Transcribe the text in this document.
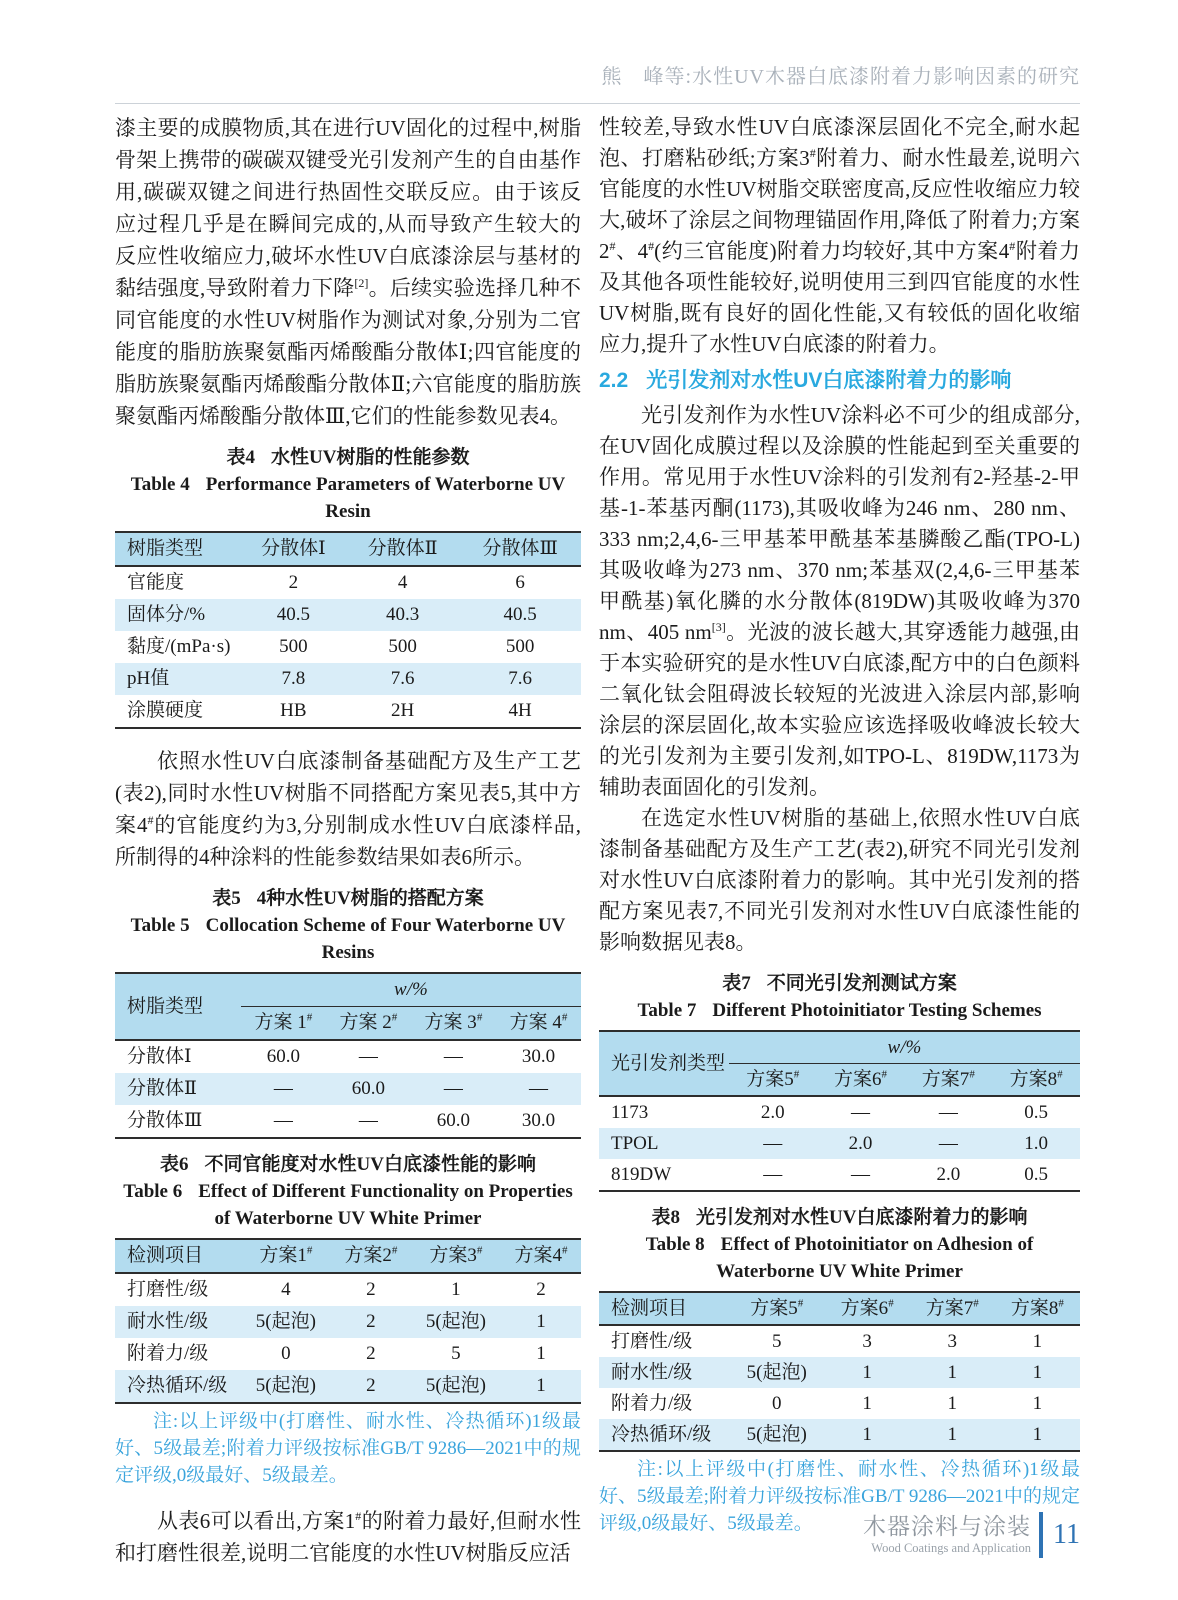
熊　峰等:水性UV木器白底漆附着力影响因素的研究

漆主要的成膜物质,其在进行UV固化的过程中,树脂骨架上携带的碳碳双键受光引发剂产生的自由基作用,碳碳双键之间进行热固性交联反应。由于该反应过程几乎是在瞬间完成的,从而导致产生较大的反应性收缩应力,破坏水性UV白底漆涂层与基材的黏结强度,导致附着力下降[2]。后续实验选择几种不同官能度的水性UV树脂作为测试对象,分别为二官能度的脂肪族聚氨酯丙烯酸酯分散体Ⅰ;四官能度的脂肪族聚氨酯丙烯酸酯分散体Ⅱ;六官能度的脂肪族聚氨酯丙烯酸酯分散体Ⅲ,它们的性能参数见表4。

表4 水性UV树脂的性能参数
Table 4 Performance Parameters of Waterborne UV Resin
树脂类型	分散体Ⅰ	分散体Ⅱ	分散体Ⅲ
官能度	2	4	6
固体分/%	40.5	40.3	40.5
黏度/(mPa·s)	500	500	500
pH值	7.8	7.6	7.6
涂膜硬度	HB	2H	4H

依照水性UV白底漆制备基础配方及生产工艺(表2),同时水性UV树脂不同搭配方案见表5,其中方案4#的官能度约为3,分别制成水性UV白底漆样品,所制得的4种涂料的性能参数结果如表6所示。

表5 4种水性UV树脂的搭配方案
Table 5 Collocation Scheme of Four Waterborne UV Resins
树脂类型	w/%			
	方案 1#	方案 2#	方案 3#	方案 4#
分散体Ⅰ	60.0	—	—	30.0
分散体Ⅱ	—	60.0	—	—
分散体Ⅲ	—	—	60.0	30.0
表6 不同官能度对水性UV白底漆性能的影响
Table 6 Effect of Different Functionality on Properties of Waterborne UV White Primer
检测项目	方案1#	方案2#	方案3#	方案4#
打磨性/级	4	2	1	2
耐水性/级	5(起泡)	2	5(起泡)	1
附着力/级	0	2	5	1
冷热循环/级	5(起泡)	2	5(起泡)	1

注:以上评级中(打磨性、耐水性、冷热循环)1级最好、5级最差;附着力评级按标准GB/T 9286—2021中的规定评级,0级最好、5级最差。

从表6可以看出,方案1#的附着力最好,但耐水性和打磨性很差,说明二官能度的水性UV树脂反应活

性较差,导致水性UV白底漆深层固化不完全,耐水起泡、打磨粘砂纸;方案3#附着力、耐水性最差,说明六官能度的水性UV树脂交联密度高,反应性收缩应力较大,破坏了涂层之间物理锚固作用,降低了附着力;方案2#、4#(约三官能度)附着力均较好,其中方案4#附着力及其他各项性能较好,说明使用三到四官能度的水性UV树脂,既有良好的固化性能,又有较低的固化收缩应力,提升了水性UV白底漆的附着力。

2.2 光引发剂对水性UV白底漆附着力的影响

光引发剂作为水性UV涂料必不可少的组成部分,在UV固化成膜过程以及涂膜的性能起到至关重要的作用。常见用于水性UV涂料的引发剂有2-羟基-2-甲基-1-苯基丙酮(1173),其吸收峰为246 nm、280 nm、333 nm;2,4,6-三甲基苯甲酰基苯基膦酸乙酯(TPO-L)其吸收峰为273 nm、370 nm;苯基双(2,4,6-三甲基苯甲酰基)氧化膦的水分散体(819DW)其吸收峰为370 nm、405 nm[3]。光波的波长越大,其穿透能力越强,由于本实验研究的是水性UV白底漆,配方中的白色颜料二氧化钛会阻碍波长较短的光波进入涂层内部,影响涂层的深层固化,故本实验应该选择吸收峰波长较大的光引发剂为主要引发剂,如TPO-L、819DW,1173为辅助表面固化的引发剂。

在选定水性UV树脂的基础上,依照水性UV白底漆制备基础配方及生产工艺(表2),研究不同光引发剂对水性UV白底漆附着力的影响。其中光引发剂的搭配方案见表7,不同光引发剂对水性UV白底漆性能的影响数据见表8。

表7 不同光引发剂测试方案
Table 7 Different Photoinitiator Testing Schemes
光引发剂类型	w/%			
	方案5#	方案6#	方案7#	方案8#
1173	2.0	—	—	0.5
TPOL	—	2.0	—	1.0
819DW	—	—	2.0	0.5
表8 光引发剂对水性UV白底漆附着力的影响
Table 8 Effect of Photoinitiator on Adhesion of Waterborne UV White Primer
检测项目	方案5#	方案6#	方案7#	方案8#
打磨性/级	5	3	3	1
耐水性/级	5(起泡)	1	1	1
附着力/级	0	1	1	1
冷热循环/级	5(起泡)	1	1	1

注:以上评级中(打磨性、耐水性、冷热循环)1级最好、5级最差;附着力评级按标准GB/T 9286—2021中的规定评级,0级最好、5级最差。	木器涂料与涂装
Wood Coatings and Application 11
